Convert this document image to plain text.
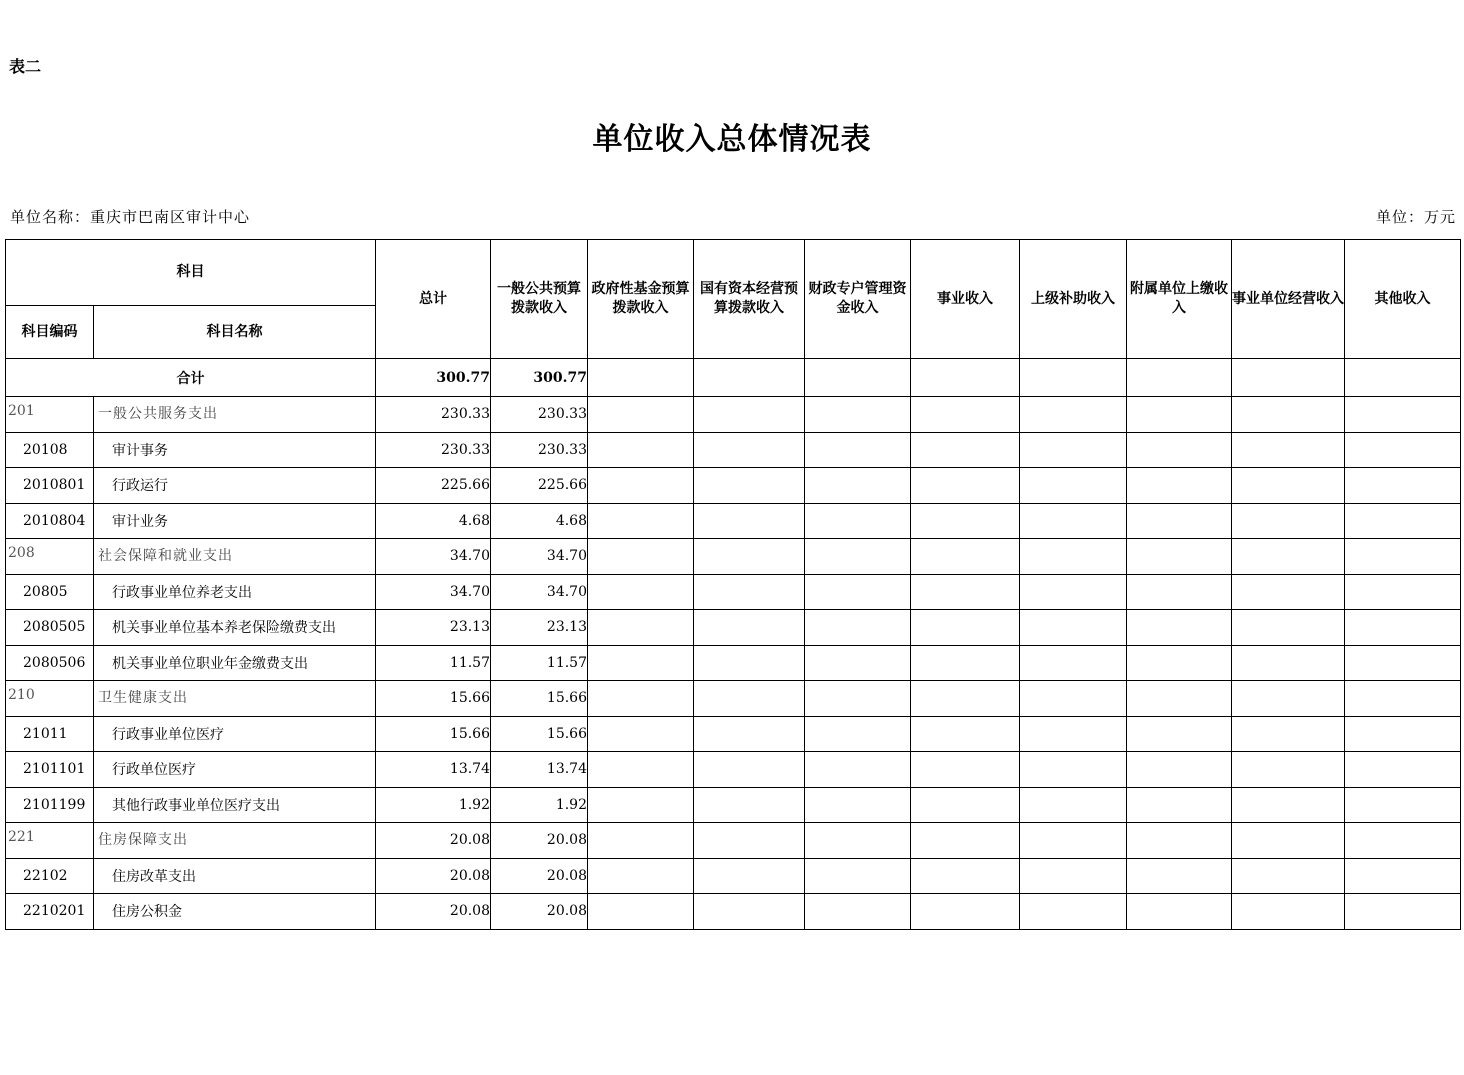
表二
单位收入总体情况表
单位名称：重庆市巴南区审计中心	单位：万元
科目		总计	一般公共预算拨款收入	政府性基金预算拨款收入	国有资本经营预算拨款收入	财政专户管理资金收入	事业收入	上级补助收入	附属单位上缴收入	事业单位经营收入	其他收入
科目编码	科目名称										
合计		300.77	300.77								
201	一般公共服务支出	230.33	230.33								
20108	审计事务	230.33	230.33								
2010801	行政运行	225.66	225.66								
2010804	审计业务	4.68	4.68								
208	社会保障和就业支出	34.70	34.70								
20805	行政事业单位养老支出	34.70	34.70								
2080505	机关事业单位基本养老保险缴费支出	23.13	23.13								
2080506	机关事业单位职业年金缴费支出	11.57	11.57								
210	卫生健康支出	15.66	15.66								
21011	行政事业单位医疗	15.66	15.66								
2101101	行政单位医疗	13.74	13.74								
2101199	其他行政事业单位医疗支出	1.92	1.92								
221	住房保障支出	20.08	20.08								
22102	住房改革支出	20.08	20.08								
2210201	住房公积金	20.08	20.08								
